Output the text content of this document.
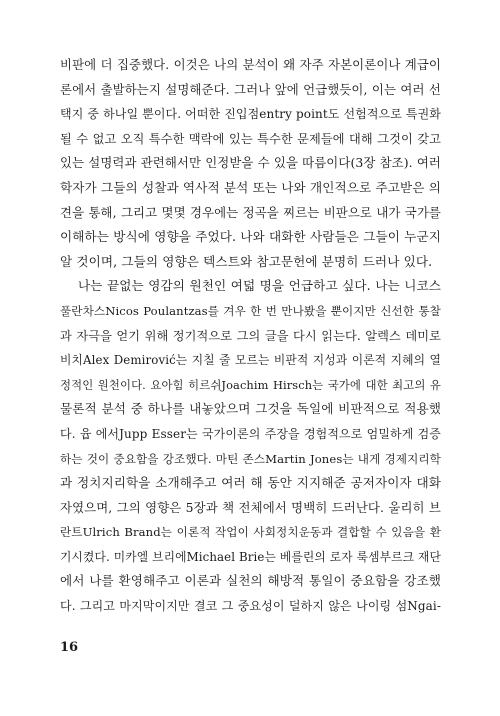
비판에 더 집중했다. 이것은 나의 분석이 왜 자주 자본이론이나 계급이
론에서 출발하는지 설명해준다. 그러나 앞에 언급했듯이, 이는 여러 선
택지 중 하나일 뿐이다. 어떠한 진입점entry point도 선험적으로 특권화
될 수 없고 오직 특수한 맥락에 있는 특수한 문제들에 대해 그것이 갖고
있는 설명력과 관련해서만 인정받을 수 있을 따름이다(3장 참조). 여러
학자가 그들의 성찰과 역사적 분석 또는 나와 개인적으로 주고받은 의
견을 통해, 그리고 몇몇 경우에는 정곡을 찌르는 비판으로 내가 국가를
이해하는 방식에 영향을 주었다. 나와 대화한 사람들은 그들이 누군지
알 것이며, 그들의 영향은 텍스트와 참고문헌에 분명히 드러나 있다.
나는 끝없는 영감의 원천인 여덟 명을 언급하고 싶다. 나는 니코스
풀란차스Nicos Poulantzas를 겨우 한 번 만나봤을 뿐이지만 신선한 통찰
과 자극을 얻기 위해 정기적으로 그의 글을 다시 읽는다. 알렉스 데미로
비치Alex Demirović는 지칠 줄 모르는 비판적 지성과 이론적 지혜의 열
정적인 원천이다. 요아힘 히르쉬Joachim Hirsch는 국가에 대한 최고의 유
물론적 분석 중 하나를 내놓았으며 그것을 독일에 비판적으로 적용했
다. 윱 에서Jupp Esser는 국가이론의 주장을 경험적으로 엄밀하게 검증
하는 것이 중요함을 강조했다. 마틴 존스Martin Jones는 내게 경제지리학
과 정치지리학을 소개해주고 여러 해 동안 지지해준 공저자이자 대화
자였으며, 그의 영향은 5장과 책 전체에서 명백히 드러난다. 울리히 브
란트Ulrich Brand는 이론적 작업이 사회정치운동과 결합할 수 있음을 환
기시켰다. 미카엘 브리에Michael Brie는 베를린의 로자 룩셈부르크 재단
에서 나를 환영해주고 이론과 실천의 해방적 통일이 중요함을 강조했
다. 그리고 마지막이지만 결코 그 중요성이 덜하지 않은 나이링 섬Ngai-
16
